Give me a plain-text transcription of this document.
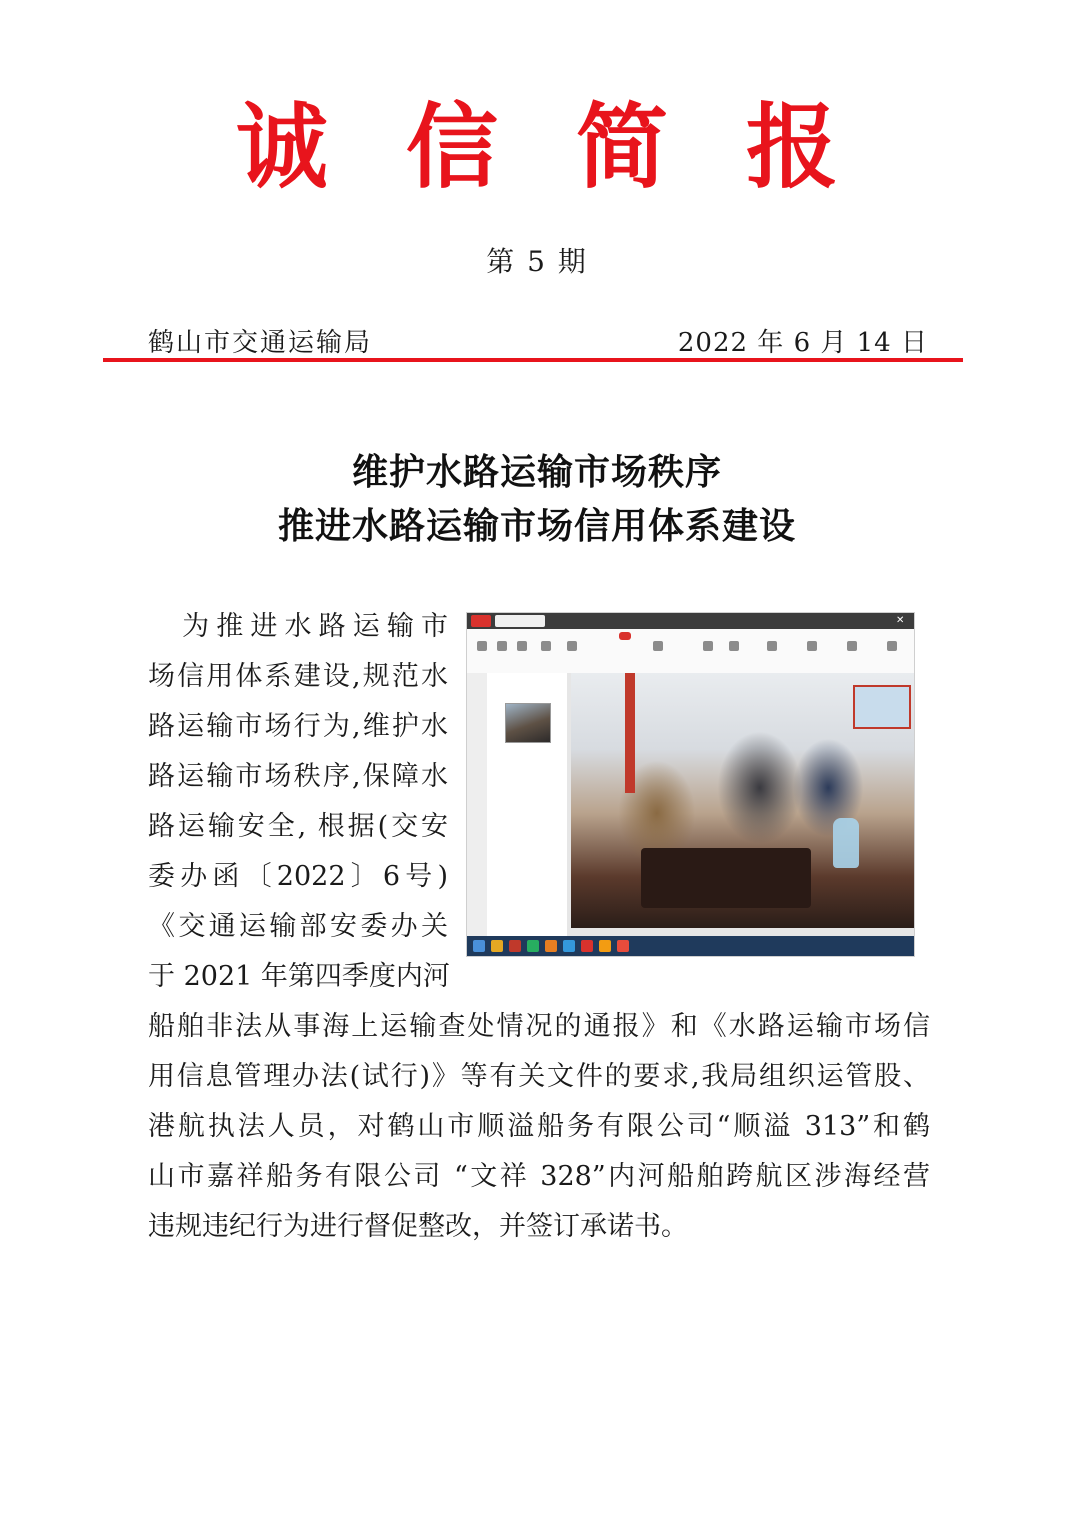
诚信简报
第 5 期
鹤山市交通运输局	2022 年 6 月 14 日
维护水路运输市场秩序
推进水路运输市场信用体系建设
　为推进水路运输市
场信用体系建设,规范水
路运输市场行为,维护水
路运输市场秩序,保障水
路运输安全, 根据(交安
委办函〔2022〕6号)
《交通运输部安委办关
于 2021 年第四季度内河
船舶非法从事海上运输查处情况的通报》和《水路运输市场信
用信息管理办法(试行)》等有关文件的要求,我局组织运管股、
港航执法人员，对鹤山市顺溢船务有限公司“顺溢 313”和鹤
山市嘉祥船务有限公司 “文祥 328”内河船舶跨航区涉海经营
违规违纪行为进行督促整改，并签订承诺书。
✕
